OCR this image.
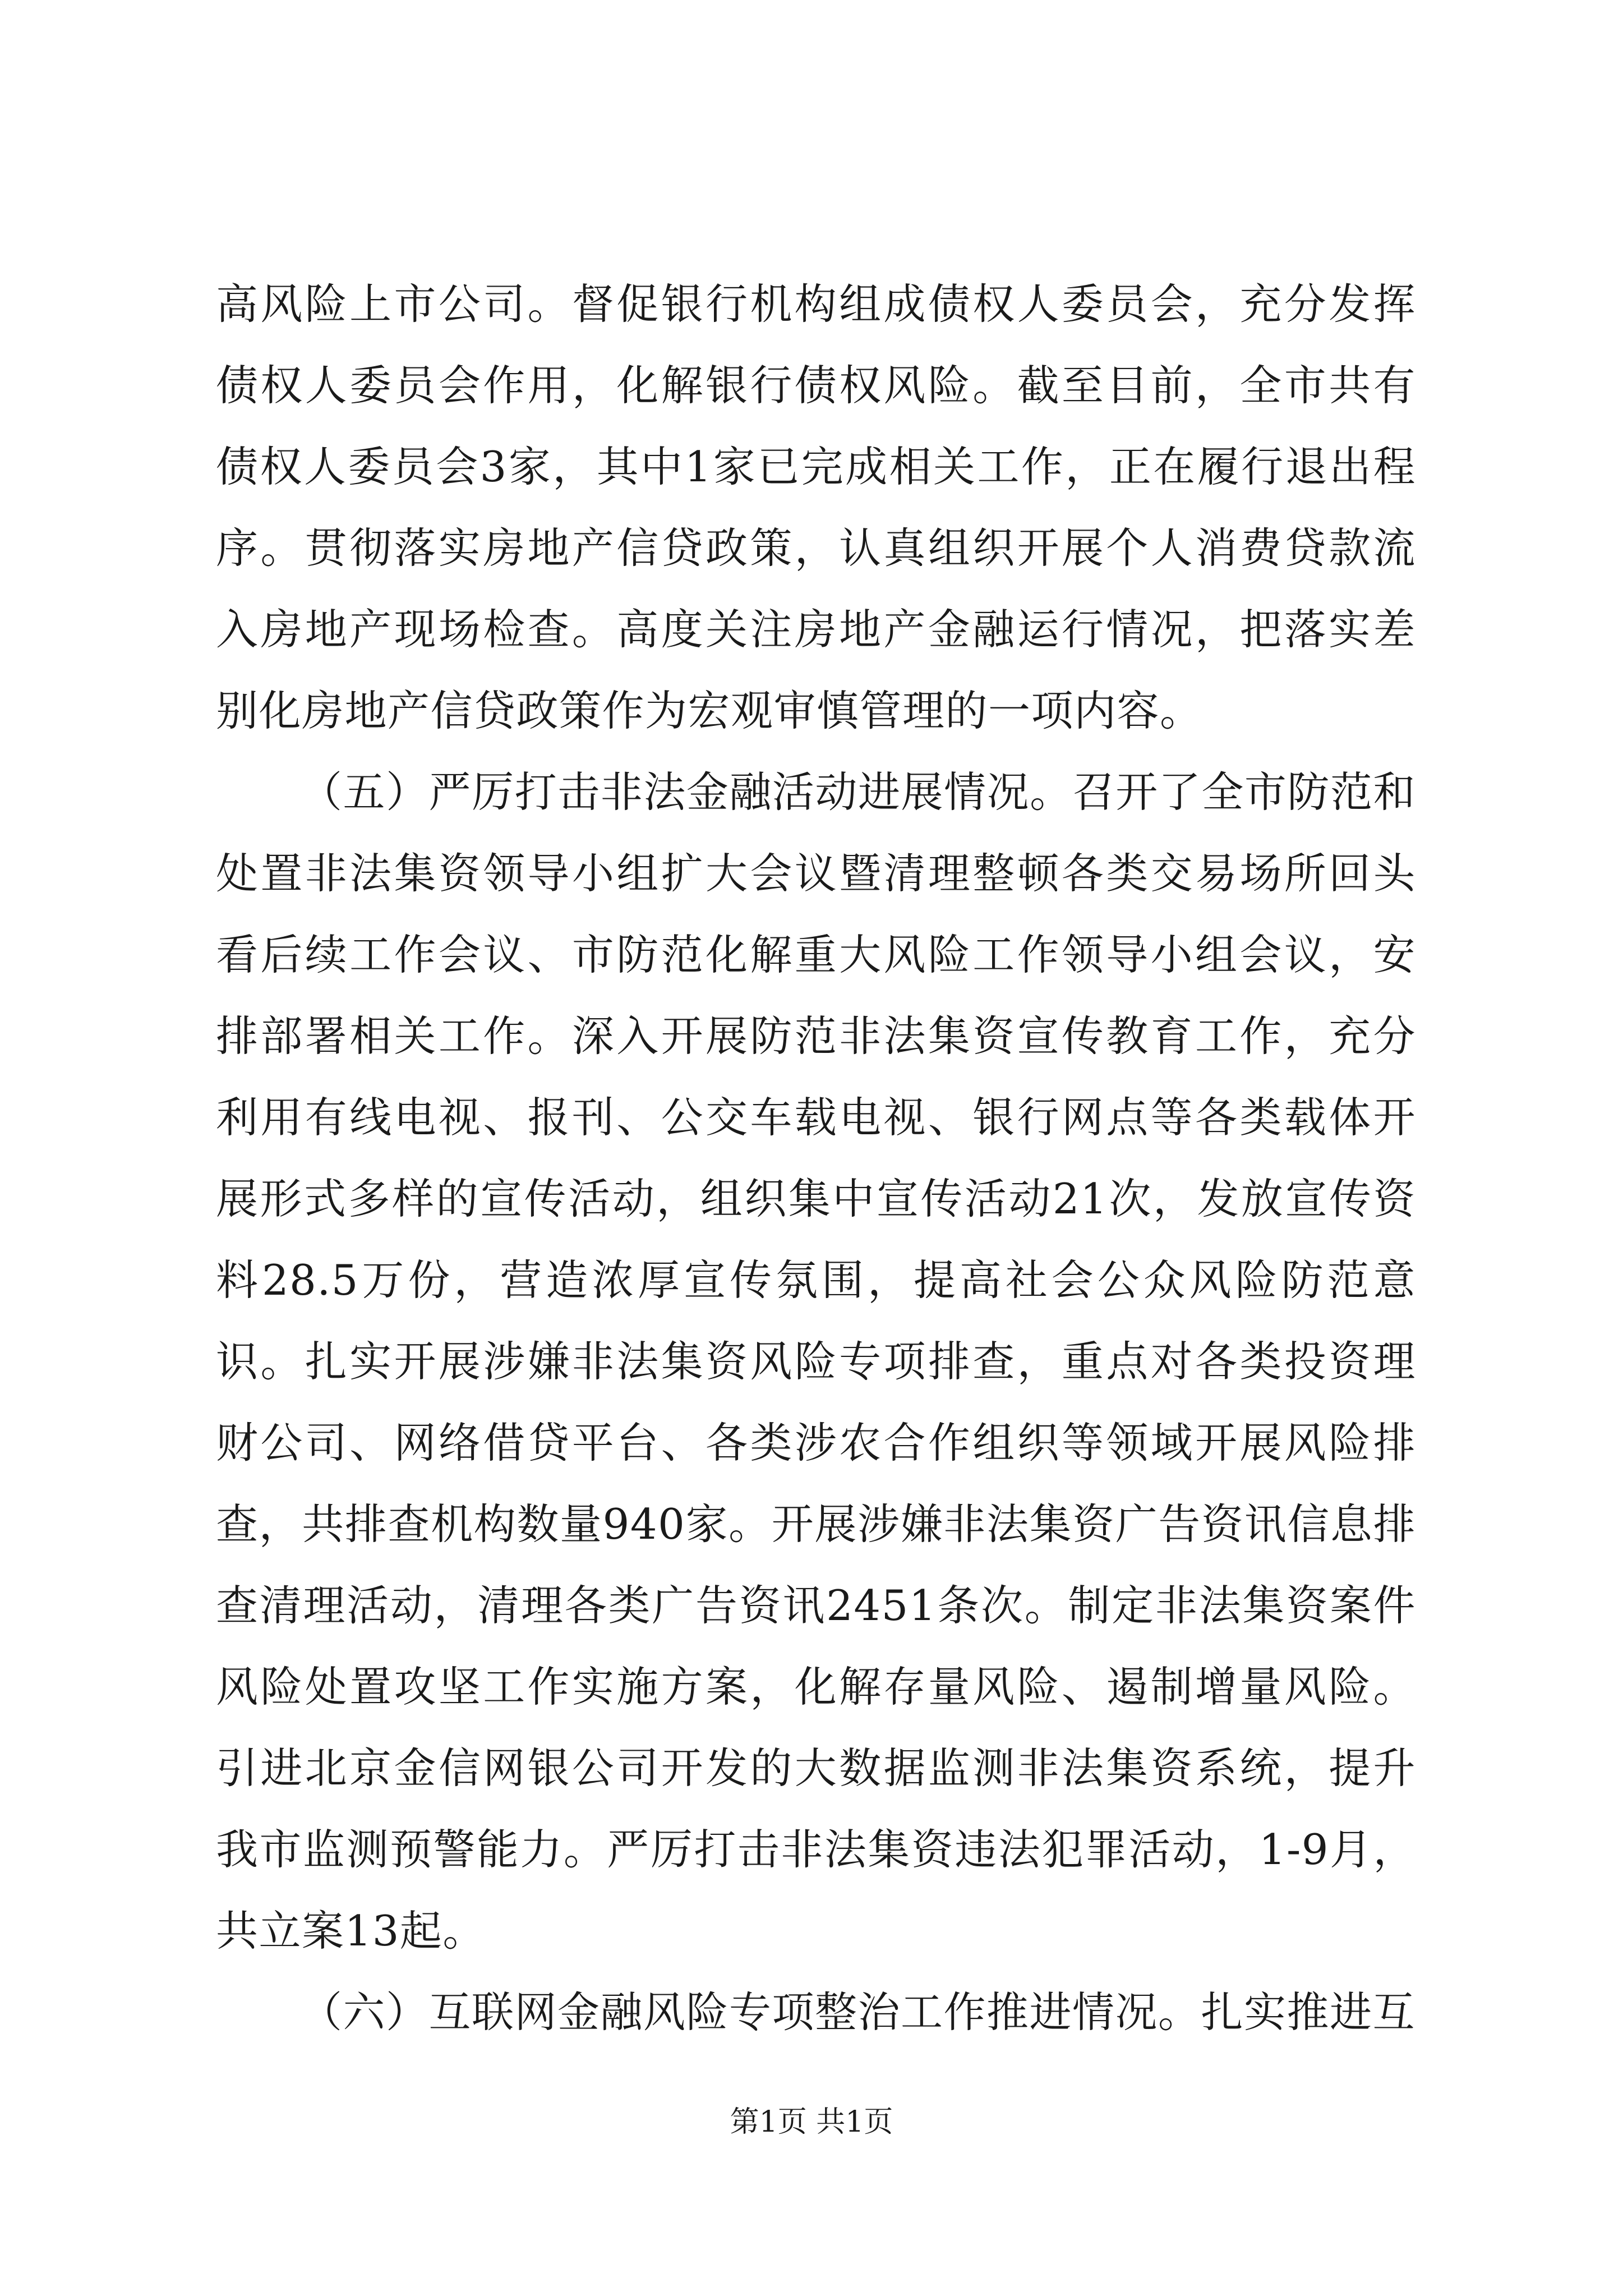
高风险上市公司。督促银行机构组成债权人委员会，充分发挥债权人委员会作用，化解银行债权风险。截至目前，全市共有债权人委员会3家，其中1家已完成相关工作，正在履行退出程序。贯彻落实房地产信贷政策，认真组织开展个人消费贷款流入房地产现场检查。高度关注房地产金融运行情况，把落实差别化房地产信贷政策作为宏观审慎管理的一项内容。

（五）严厉打击非法金融活动进展情况。召开了全市防范和处置非法集资领导小组扩大会议暨清理整顿各类交易场所回头看后续工作会议、市防范化解重大风险工作领导小组会议，安排部署相关工作。深入开展防范非法集资宣传教育工作，充分利用有线电视、报刊、公交车载电视、银行网点等各类载体开展形式多样的宣传活动，组织集中宣传活动21次，发放宣传资料28.5万份，营造浓厚宣传氛围，提高社会公众风险防范意识。扎实开展涉嫌非法集资风险专项排查，重点对各类投资理财公司、网络借贷平台、各类涉农合作组织等领域开展风险排查，共排查机构数量940家。开展涉嫌非法集资广告资讯信息排查清理活动，清理各类广告资讯2451条次。制定非法集资案件风险处置攻坚工作实施方案，化解存量风险、遏制增量风险。引进北京金信网银公司开发的大数据监测非法集资系统，提升我市监测预警能力。严厉打击非法集资违法犯罪活动，1-9月，共立案13起。

（六）互联网金融风险专项整治工作推进情况。扎实推进互

第1页 共1页
